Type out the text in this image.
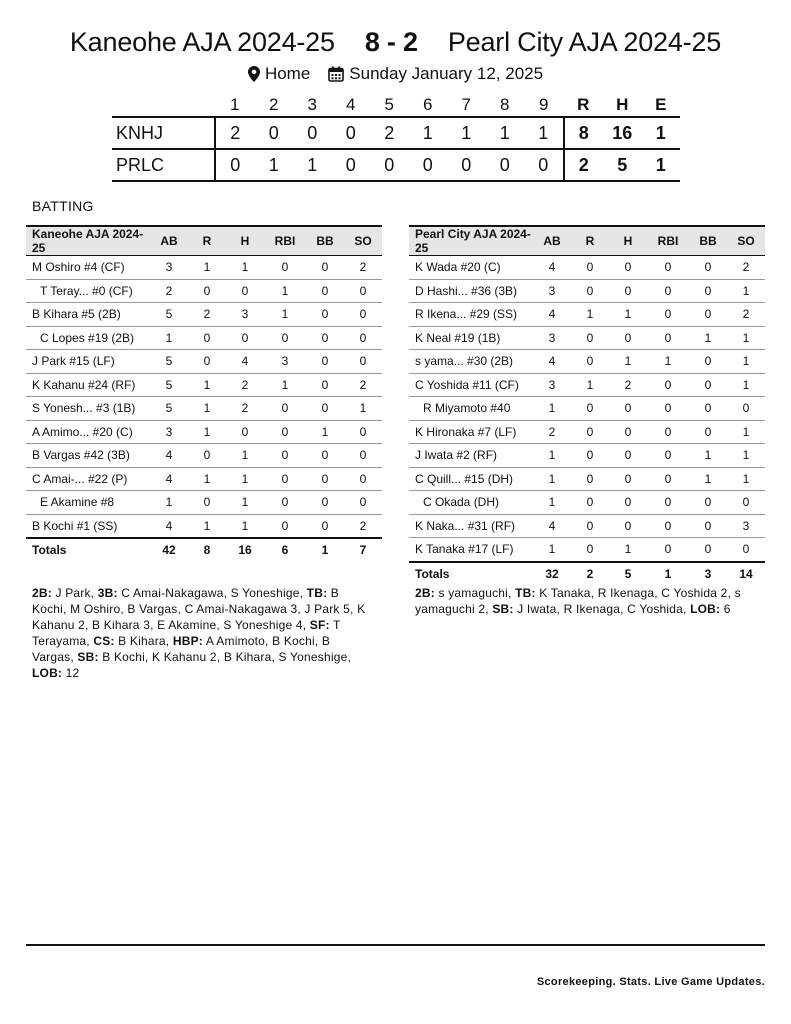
Kaneohe AJA 2024-25 8 - 2 Pearl City AJA 2024-25
Home Sunday January 12, 2025
	1	2	3	4	5	6	7	8	9	R	H	E
KNHJ	2	0	0	0	2	1	1	1	1	8	16	1
PRLC	0	1	1	0	0	0	0	0	0	2	5	1
BATTING
Kaneohe AJA 2024-25	AB	R	H	RBI	BB	SO
M Oshiro #4 (CF)	3	1	1	0	0	2
T Teray... #0 (CF)	2	0	0	1	0	0
B Kihara #5 (2B)	5	2	3	1	0	0
C Lopes #19 (2B)	1	0	0	0	0	0
J Park #15 (LF)	5	0	4	3	0	0
K Kahanu #24 (RF)	5	1	2	1	0	2
S Yonesh... #3 (1B)	5	1	2	0	0	1
A Amimo... #20 (C)	3	1	0	0	1	0
B Vargas #42 (3B)	4	0	1	0	0	0
C Amai-... #22 (P)	4	1	1	0	0	0
E Akamine #8	1	0	1	0	0	0
B Kochi #1 (SS)	4	1	1	0	0	2
Totals	42	8	16	6	1	7
Pearl City AJA 2024-25	AB	R	H	RBI	BB	SO
K Wada #20 (C)	4	0	0	0	0	2
D Hashi... #36 (3B)	3	0	0	0	0	1
R Ikena... #29 (SS)	4	1	1	0	0	2
K Neal #19 (1B)	3	0	0	0	1	1
s yama... #30 (2B)	4	0	1	1	0	1
C Yoshida #11 (CF)	3	1	2	0	0	1
R Miyamoto #40	1	0	0	0	0	0
K Hironaka #7 (LF)	2	0	0	0	0	1
J Iwata #2 (RF)	1	0	0	0	1	1
C Quill... #15 (DH)	1	0	0	0	1	1
C Okada (DH)	1	0	0	0	0	0
K Naka... #31 (RF)	4	0	0	0	0	3
K Tanaka #17 (LF)	1	0	1	0	0	0
Totals	32	2	5	1	3	14
2B: J Park, 3B: C Amai-Nakagawa, S Yoneshige, TB: B Kochi, M Oshiro, B Vargas, C Amai-Nakagawa 3, J Park 5, K Kahanu 2, B Kihara 3, E Akamine, S Yoneshige 4, SF: T Terayama, CS: B Kihara, HBP: A Amimoto, B Kochi, B Vargas, SB: B Kochi, K Kahanu 2, B Kihara, S Yoneshige, LOB: 12
2B: s yamaguchi, TB: K Tanaka, R Ikenaga, C Yoshida 2, s yamaguchi 2, SB: J Iwata, R Ikenaga, C Yoshida, LOB: 6
Scorekeeping. Stats. Live Game Updates.
